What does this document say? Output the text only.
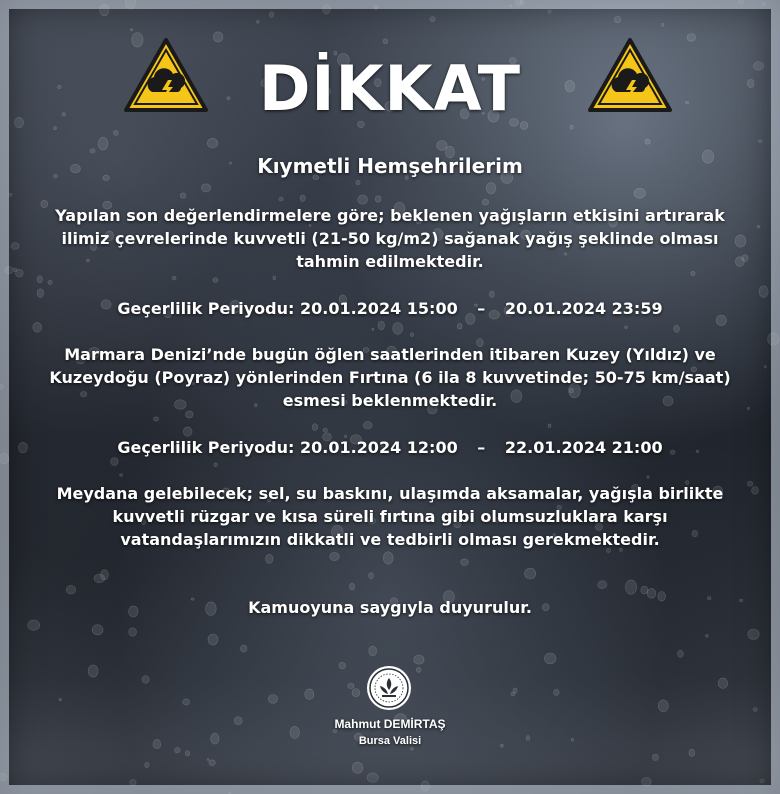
DİKKAT
Kıymetli Hemşehrilerim
Yapılan son değerlendirmelere göre; beklenen yağışların etkisini artırarak ilimiz çevrelerinde kuvvetli (21-50 kg/m2) sağanak yağış şeklinde olması tahmin edilmektedir.
Geçerlilik Periyodu: 20.01.2024 15:00 – 20.01.2024 23:59
Marmara Denizi’nde bugün öğlen saatlerinden itibaren Kuzey (Yıldız) ve Kuzeydoğu (Poyraz) yönlerinden Fırtına (6 ila 8 kuvvetinde; 50-75 km/saat) esmesi beklenmektedir.
Geçerlilik Periyodu: 20.01.2024 12:00 – 22.01.2024 21:00
Meydana gelebilecek; sel, su baskını, ulaşımda aksamalar, yağışla birlikte kuvvetli rüzgar ve kısa süreli fırtına gibi olumsuzluklara karşı vatandaşlarımızın dikkatli ve tedbirli olması gerekmektedir.
Kamuoyuna saygıyla duyurulur.
Mahmut DEMİRTAŞ
Bursa Valisi
